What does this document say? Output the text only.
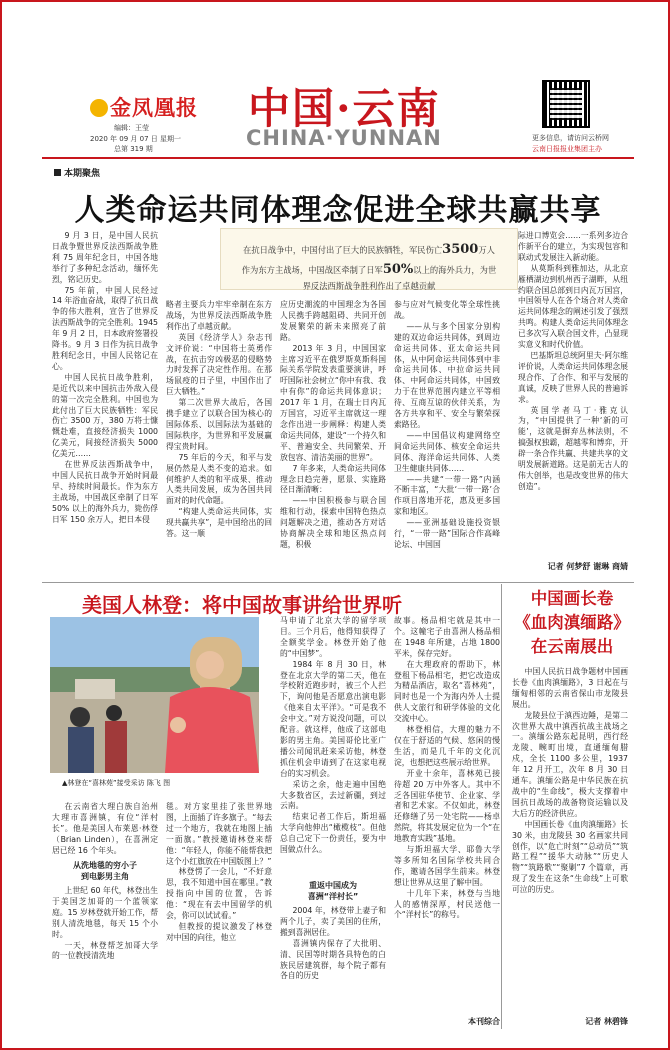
金凤凰报
编辑：王莹
2020 年 09 月 07 日 星期一
总第 319 期
中国·云南
CHINA·YUNNAN	更多信息，请访问云桥网
云南日报报业集团主办
本期聚焦
人类命运共同体理念促进全球共赢共享

9 月 3 日，是中国人民抗日战争暨世界反法西斯战争胜利 75 周年纪念日，中国各地举行了多种纪念活动，缅怀先烈，铭记历史。

75 年前，中国人民经过 14 年浴血奋战，取得了抗日战争的伟大胜利，宣告了世界反法西斯战争的完全胜利。1945 年 9 月 2 日，日本政府签署投降书。9 月 3 日作为抗日战争胜利纪念日，中国人民铭记在心。

中国人民抗日战争胜利，是近代以来中国抗击外敌入侵的第一次完全胜利。中国也为此付出了巨大民族牺牲：军民伤亡 3500 万，380 万将士慷慨赴难，直接经济损失 1000 亿美元，间接经济损失 5000 亿美元……

在世界反法西斯战争中，中国人民抗日战争开始时间最早、持续时间最长。作为东方主战场，中国战区牵制了日军 50% 以上的海外兵力，毙伤俘日军 150 余万人，把日本侵

在抗日战争中，中国付出了巨大的民族牺牲，军民伤亡3500万人
作为东方主战场，中国战区牵制了日军50%以上的海外兵力，为世
界反法西斯战争胜利作出了卓越贡献

略者主要兵力牢牢牵制在东方战场，为世界反法西斯战争胜利作出了卓越贡献。

英国《经济学人》杂志刊文评价说：“中国将士英勇作战，在抗击穷凶极恶的侵略势力时发挥了决定性作用。在那场鼠疫的日子里，中国作出了巨大牺牲。”

第二次世界大战后，各国携手建立了以联合国为核心的国际体系、以国际法为基础的国际秩序，为世界和平发展赢得宝贵时间。

75 年后的今天，和平与发展仍然是人类不变的追求。如何维护人类的和平成果、推动人类共同发展，成为各国共同面对的时代命题。

“构建人类命运共同体，实现共赢共享”，是中国给出的回答。这一顺

应历史潮流的中国理念为各国人民携手跨越阻碍、共同开创发展繁荣的新未来照亮了前路。

2013 年 3 月，中国国家主席习近平在俄罗斯莫斯科国际关系学院发表重要演讲，呼吁国际社会树立“你中有我、我中有你”的命运共同体意识；2017 年 1 月，在瑞士日内瓦万国宫，习近平主席就这一理念作出进一步阐释：构建人类命运共同体，建设“一个持久和平、普遍安全、共同繁荣、开放包容、清洁美丽的世界”。

7 年多来，人类命运共同体理念日趋完善，愿景、实施路径日渐清晰：

——中国积极参与联合国维和行动，探索中国特色热点问题解决之道，推动各方对话协商解决全球和地区热点问题，积极

参与应对气候变化等全球性挑战。

——从与多个国家分别构建的双边命运共同体，到周边命运共同体、亚太命运共同体，从中阿命运共同体到中非命运共同体、中拉命运共同体、中阿命运共同体，中国致力于在世界范围内建立平等相待、互商互谅的伙伴关系，为各方共享和平、安全与繁荣探索路径。

——中国倡议构建网络空间命运共同体、核安全命运共同体、海洋命运共同体、人类卫生健康共同体……

——共建“一带一路”内涵不断丰富，“大批‘一带一路’合作项目落地开花，惠及更多国家和地区。

——亚洲基础设施投资银行，“一带一路”国际合作高峰论坛、中国国

际进口博览会……一系列多边合作新平台的建立，为实现包容和联动式发展注入新动能。

从莫斯科到雅加达，从北京雁栖湖边到机州西子湖畔，从纽约联合国总部到日内瓦万国宫，中国领导人在各个场合对人类命运共同体理念的阐述引发了强烈共鸣。构建人类命运共同体理念已多次写入联合国文件，凸显现实意义和时代价值。

巴基斯坦总统阿里夫·阿尔维评价说，人类命运共同体理念展现合作、了合作、和平与发展的真诚，反映了世界人民的普遍诉求。

英国学者马丁·雅克认为，“中国提供了一种‘新的可能’，这就是摒弃丛林法则，不搞强权独霸，超越零和博弈，开辟一条合作共赢、共建共享的文明发展新道路。这是前无古人的伟大创举，也是改变世界的伟大创造”。

记者 何梦舒 谢琳 商婧
美国人林登：将中国故事讲给世界听
▲林登在“喜林苑”接受采访 陈飞 图

在云南省大理白族自治州大理市喜洲镇，有位“洋村长”。他是美国人布莱恩·林登（Brian Linden），在喜洲定居已经 16 个年头。

从洗地毯的穷小子
到电影男主角

上世纪 60 年代，林登出生于美国芝加哥的一个蓝领家庭。15 岁林登就开始工作，帮别人清洗地毯，每天 15 个小时。

一天，林登帮芝加哥大学的一位教授清洗地

毯。对方家里挂了张世界地图，上面插了许多旗子。“每去过一个地方，我就在地图上插一面旗。”教授邀请林登来帮他：“年轻人，你能不能帮我把这个小红旗放在中国版图上？”

林登愣了一会儿，“不好意思，我不知道中国在哪里。”教授指向中国的位置，告诉他：“现在有去中国留学的机会，你可以试试看。”

但教授的提议激发了林登对中国的向往，他立

马申请了北京大学的留学项目。三个月后，他得知获得了全额奖学金。林登开始了他的“中国梦”。

1984 年 8 月 30 日，林登在北京大学的第二天，他在学校附近跑步时，被三个人拦下，询问他是否愿意出演电影《他来自太平洋》。“可是我不会中文。”对方说没问题，可以配音。就这样，他成了这部电影的男主角。美国哥伦比亚广播公司闻讯赶来采访他，林登抓住机会申请到了在这家电视台的实习机会。

采访之余，他走遍中国绝大多数省区，去过新疆，到过云南。

结束记者工作后，斯坦福大学向他伸出“橄榄枝”。但他总自己定下一份责任，要为中国做点什么。

重返中国成为
喜洲“洋村长”

2004 年，林登带上妻子和两个儿子，卖了美国的住所，搬到喜洲居住。

喜洲镇内保存了大批明、清、民国等时期各具特色的白族民居建筑群，每个院子都有各自的历史

故事。杨品相宅就是其中一个。这幢宅子由喜洲人杨品相在 1948 年所建，占地 1800 平米，保存完好。

在大理政府的帮助下，林登租下杨品相宅，把它改造成为精品酒店，取名“喜林苑”，同时也是一个为海内外人士提供人文旅行和研学体验的文化交流中心。

林登相信，大理的魅力不仅在于舒适的气候、悠闲的慢生活，而是几千年的文化沉淀，也想把这些展示给世界。

开业十余年，喜林苑已接待超 20 万中外客人。其中不乏各国驻华使节、企业家、学者和艺术家。不仅如此，林登还修缮了另一处宅院——杨卓然院，将其发展定位为一个“在地教育实践”基地。

与斯坦福大学、耶鲁大学等多所知名国际学校共同合作，邀请各国学生前来。林登想让世界从这里了解中国。

十几年下来，林登与当地人的感情深厚，村民送他一个“洋村长”的称号。

本刊综合
中国画长卷
《血肉滇缅路》
在云南展出

中国人民抗日战争题材中国画长卷《血肉滇缅路》，3 日起在与缅甸相邻的云南省保山市龙陵县展出。

龙陵县位于滇西边陲，是第二次世界大战中滇西抗战主战场之一。滇缅公路东起昆明，西行经龙陵、畹町出境，直通缅甸腊戍，全长 1100 多公里，1937 年 12 月开工，次年 8 月 30 日通车。滇缅公路是中华民族在抗战中的“生命线”，极大支撑着中国抗日战场的战备物资运输以及大后方的经济供应。

中国画长卷《血肉滇缅路》长 30 米，由龙陵县 30 名画家共同创作，以“危亡时刻”“总动员”“筑路工程”“援华大动脉”“历史人物”“筑路歌”“聚剿”7 个篇章，再现了发生在这条“生命线”上可歌可泣的历史。

记者 林碧锋
